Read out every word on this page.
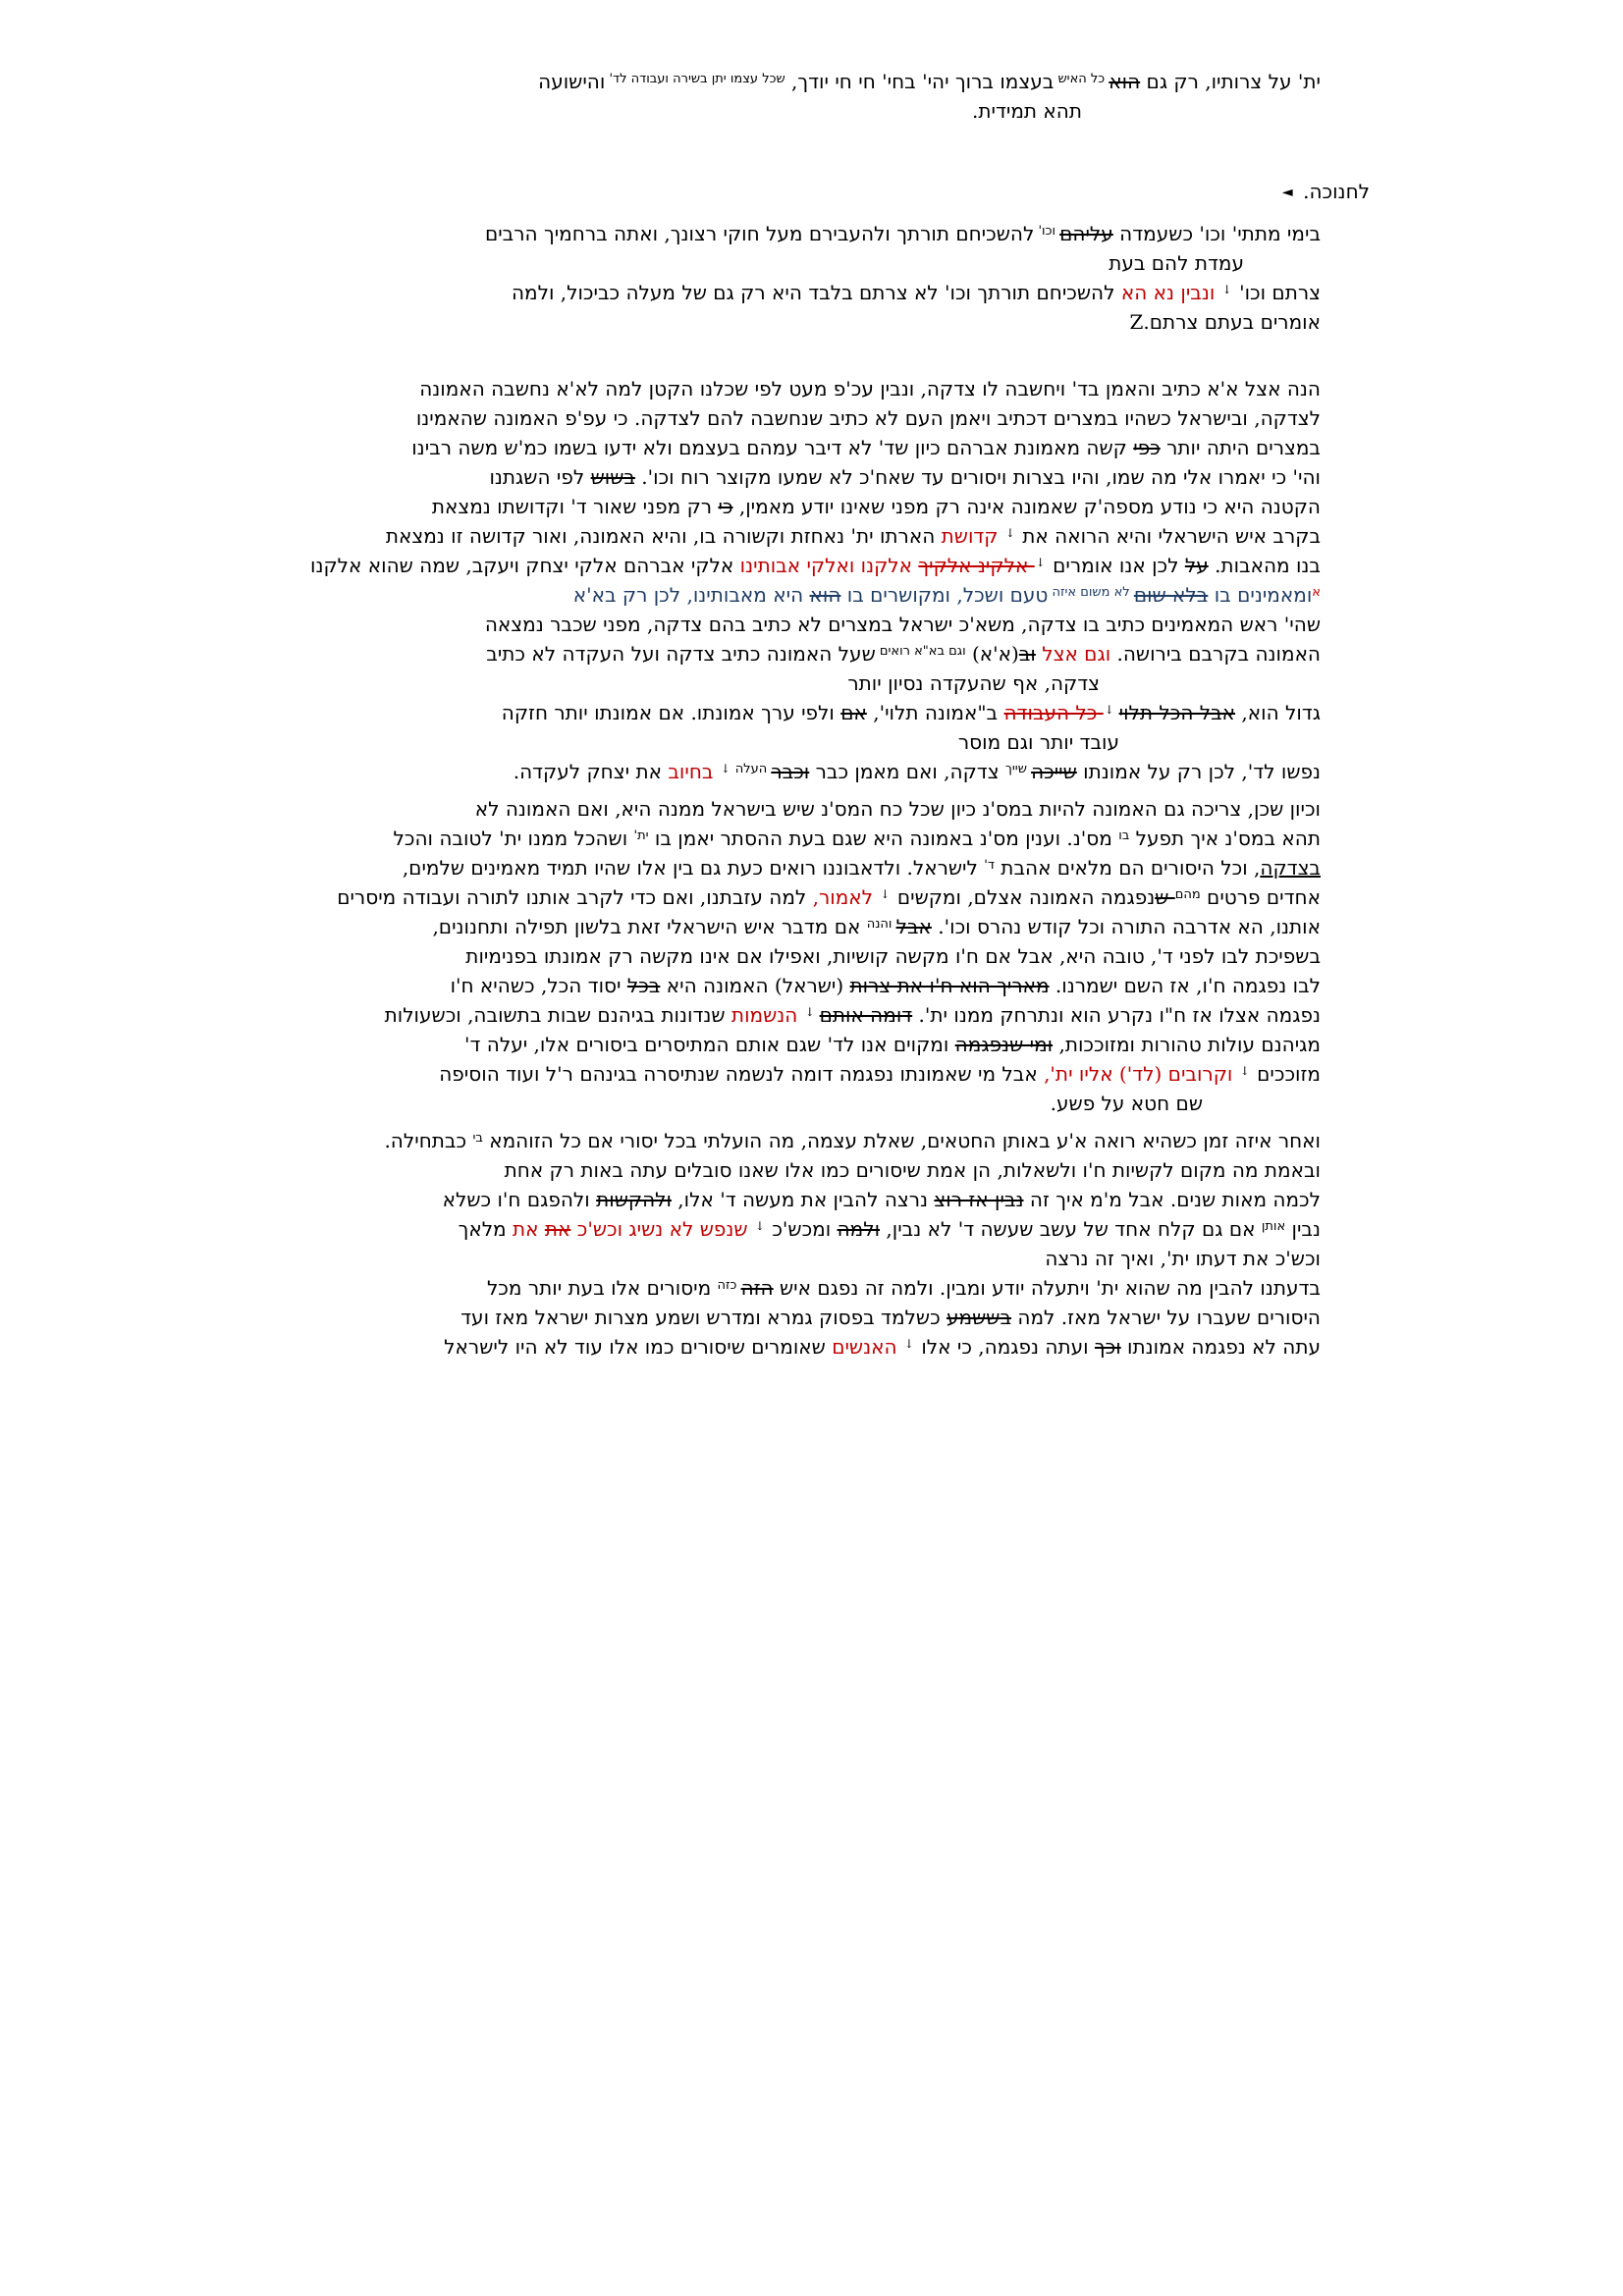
ית' על צרותיו, רק גם הוא $^{כל האיש}$ בעצמו ברוך יהי' בחי' חי חי יודך, $^{שכל עצמו יתן בשירה ועבודה לד'}$ והישועה
תהא תמידית.
לחנוכה. ◄
בימי מתתי' וכו' כשעמדה עליהם $^{וכו'}$ להשכיחם תורתך ולהעבירם מעל חוקי רצונך, ואתה ברחמיך הרבים
עמדת להם בעת
צרתם וכו' ↓ ונבין נא הא להשכיחם תורתך וכו' לא צרתם בלבד היא רק גם של מעלה כביכול, ולמה
אומרים בעתם צרתם.Z
הנה אצל א'א כתיב והאמן בד' ויחשבה לו צדקה, ונבין עכ'פ מעט לפי שכלנו הקטן למה לא'א נחשבה האמונה
לצדקה, ובישראל כשהיו במצרים דכתיב ויאמן העם לא כתיב שנחשבה להם לצדקה. כי עפ'פ האמונה שהאמינו
במצרים היתה יותר כפי קשה מאמונת אברהם כיון שד' לא דיבר עמהם בעצמם ולא ידעו בשמו כמ'ש משה רבינו
והי' כי יאמרו אלי מה שמו, והיו בצרות ויסורים עד שאח'כ לא שמעו מקוצר רוח וכו'. בשוש לפי השגתנו
הקטנה היא כי נודע מספה'ק שאמונה אינה רק מפני שאינו יודע מאמין, כי רק מפני שאור ד' וקדושתו נמצאת
בקרב איש הישראלי והיא הרואה את ↓ קדושת הארתו ית' נאחזת וקשורה בו, והיא האמונה, ואור קדושה זו נמצאת
בנו מהאבות. על לכן אנו אומרים ↓ אלקינ אלקיך אלקנו ואלקי אבותינו אלקי אברהם אלקי יצחק ויעקב, שמה שהוא אלקנו
$^א$ומאמינים בו בלא שום $^{לא משום איזה}$ טעם ושכל, ומקושרים בו הוא היא מאבותינו, לכן רק בא'א
שהי' ראש המאמינים כתיב בו צדקה, משא'כ ישראל במצרים לא כתיב בהם צדקה, מפני שכבר נמצאה
האמונה בקרבם בירושה. וגם אצל וב(א'א) $^{וגם בא"א רואים}$ שעל האמונה כתיב צדקה ועל העקדה לא כתיב
צדקה, אף שהעקדה נסיון יותר
גדול הוא, אבל הכל תלוי ↓ כל העבודה ב"אמונה תלוי', אם ולפי ערך אמונתו. אם אמונתו יותר חזקה
עובד יותר וגם מוסר
נפשו לד', לכן רק על אמונתו שייכה $^{שייך}$ צדקה, ואם מאמן כבר וכבר $^{העלה}$ ↓ בחיוב את יצחק לעקדה.
וכיון שכן, צריכה גם האמונה להיות במס'נ כיון שכל כח המס'נ שיש בישראל ממנה היא, ואם האמונה לא
תהא במס'נ איך תפעל $^{בו}$ מס'נ. וענין מס'נ באמונה היא שגם בעת ההסתר יאמן בו $^{ית'}$ ושהכל ממנו ית' לטובה והכל
בצדקה, וכל היסורים הם מלאים אהבת $^{ד'}$ לישראל. ולדאבוננו רואים כעת גם בין אלו שהיו תמיד מאמינים שלמים,
אחדים פרטים $^{מהם}$ שנפגמה האמונה אצלם, ומקשים ↓ לאמור, למה עזבתנו, ואם כדי לקרב אותנו לתורה ועבודה מיסרים
אותנו, הא אדרבה התורה וכל קודש נהרס וכו'. אבל $^{והנה}$ אם מדבר איש הישראלי זאת בלשון תפילה ותחנונים,
בשפיכת לבו לפני ד', טובה היא, אבל אם ח'ו מקשה קושיות, ואפילו אם אינו מקשה רק אמונתו בפנימיות
לבו נפגמה ח'ו, אז השם ישמרנו. מאריך הוא ח'ו את צרות (ישראל) האמונה היא בכל יסוד הכל, כשהיא ח'ו
נפגמה אצלו אז ח"ו נקרע הוא ונתרחק ממנו ית'. דומה אותם ↓ הנשמות שנדונות בגיהנם שבות בתשובה, וכשעולות
מגיהנם עולות טהורות ומזוככות, ומי שנפגמה ומקוים אנו לד' שגם אותם המתיסרים ביסורים אלו, יעלה ד'
מזוככים ↓ וקרובים (לד') אליו ית', אבל מי שאמונתו נפגמה דומה לנשמה שנתיסרה בגינהם ר'ל ועוד הוסיפה
שם חטא על פשע.
ואחר איזה זמן כשהיא רואה א'ע באותן החטאים, שאלת עצמה, מה הועלתי בכל יסורי אם כל הזוהמא $^{בי}$ כבתחילה.
ובאמת מה מקום לקשיות ח'ו ולשאלות, הן אמת שיסורים כמו אלו שאנו סובלים עתה באות רק אחת
לכמה מאות שנים. אבל מ'מ איך זה נבין אז רוצ נרצה להבין את מעשה ד' אלו, ולהקשות ולהפגם ח'ו כשלא
נבין $^{אותן}$ אם גם קלח אחד של עשב שעשה ד' לא נבין, ולמה ומכש'כ ↓ שנפש לא נשיג וכש'כ את את מלאך
וכש'כ את דעתו ית', ואיך זה נרצה
בדעתנו להבין מה שהוא ית' ויתעלה יודע ומבין. ולמה זה נפגם איש הזה $^{כזה}$ מיסורים אלו בעת יותר מכל
היסורים שעברו על ישראל מאז. למה בששמע כשלמד בפסוק גמרא ומדרש ושמע מצרות ישראל מאז ועד
עתה לא נפגמה אמונתו וכך ועתה נפגמה, כי אלו ↓ האנשים שאומרים שיסורים כמו אלו עוד לא היו לישראל
